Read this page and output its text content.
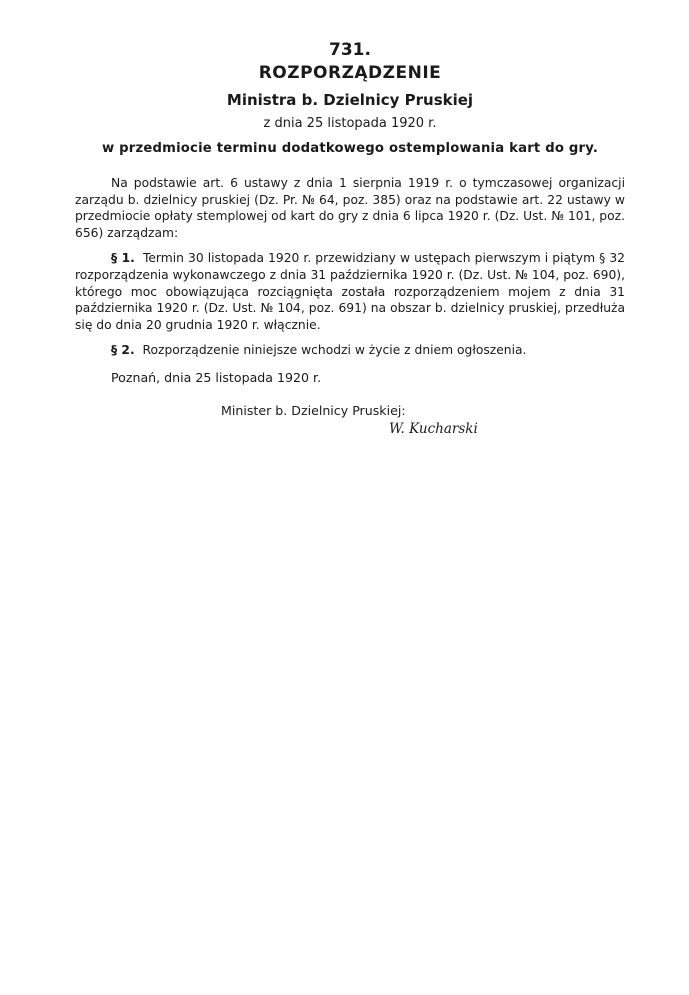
731.

ROZPORZĄDZENIE

Ministra b. Dzielnicy Pruskiej

z dnia 25 listopada 1920 r.

w przedmiocie terminu dodatkowego ostemplowania kart do gry.

Na podstawie art. 6 ustawy z dnia 1 sierpnia 1919 r. o tymczasowej organizacji zarządu b. dzielnicy pruskiej (Dz. Pr. № 64, poz. 385) oraz na podstawie art. 22 ustawy w przedmiocie opłaty stemplowej od kart do gry z dnia 6 lipca 1920 r. (Dz. Ust. № 101, poz. 656) zarządzam:

§ 1. Termin 30 listopada 1920 r. przewidziany w ustępach pierwszym i piątym § 32 rozporządzenia wykonawczego z dnia 31 października 1920 r. (Dz. Ust. № 104, poz. 690), którego moc obowiązująca rozciągnięta została rozporządzeniem mojem z dnia 31 października 1920 r. (Dz. Ust. № 104, poz. 691) na obszar b. dzielnicy pruskiej, przedłuża się do dnia 20 grudnia 1920 r. włącznie.

§ 2. Rozporządzenie niniejsze wchodzi w życie z dniem ogłoszenia.

Poznań, dnia 25 listopada 1920 r.

Minister b. Dzielnicy Pruskiej:
W. Kucharski
